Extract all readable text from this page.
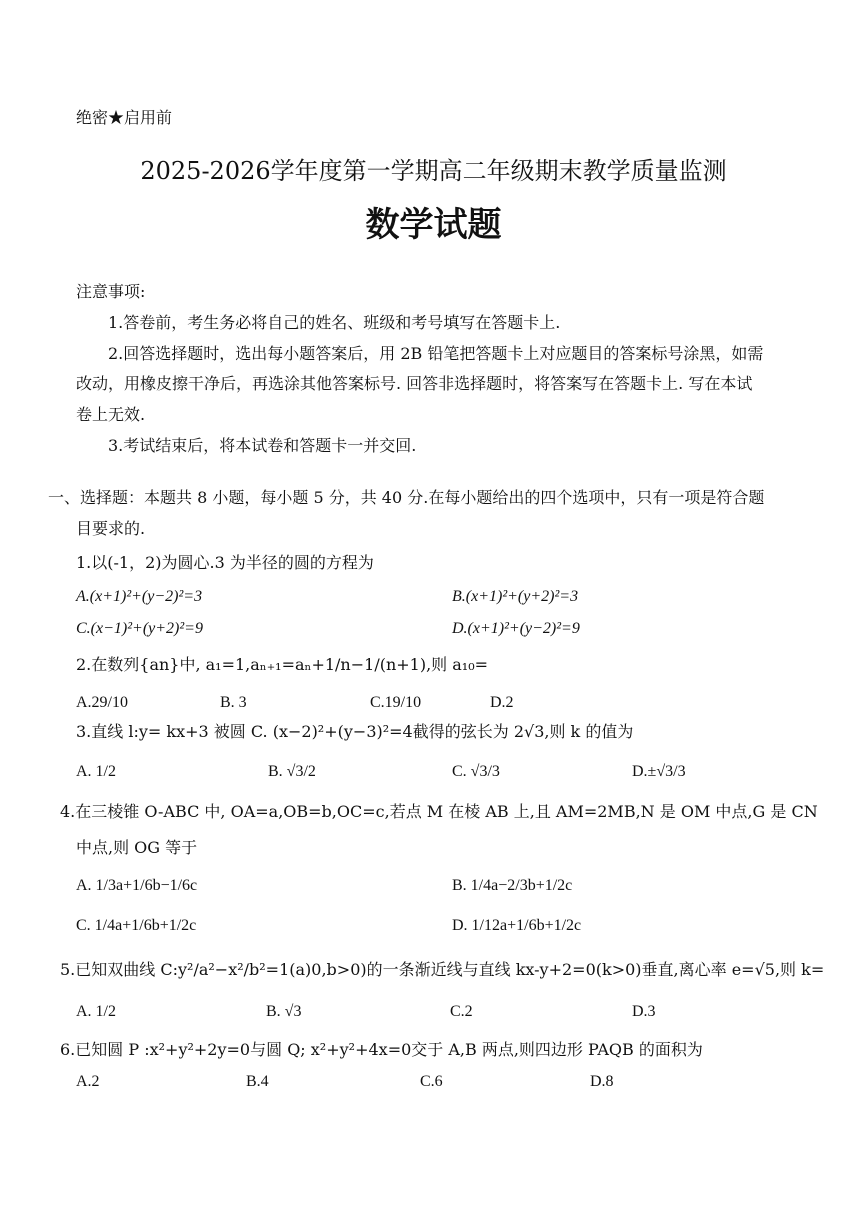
绝密★启用前
2025-2026学年度第一学期高二年级期末教学质量监测
数学试题
注意事项:
1.答卷前，考生务必将自己的姓名、班级和考号填写在答题卡上.
2.回答选择题时，选出每小题答案后，用 2B 铅笔把答题卡上对应题目的答案标号涂黑，如需
改动，用橡皮擦干净后，再选涂其他答案标号. 回答非选择题时，将答案写在答题卡上. 写在本试
卷上无效.
3.考试结束后，将本试卷和答题卡一并交回.
一、选择题：本题共 8 小题，每小题 5 分，共 40 分.在每小题给出的四个选项中，只有一项是符合题
目要求的.
1.以(-1，2)为圆心.3 为半径的圆的方程为
A.(x+1)²+(y−2)²=3	B.(x+1)²+(y+2)²=3
C.(x−1)²+(y+2)²=9	D.(x+1)²+(y−2)²=9
2.在数列{an}中, a₁=1,aₙ₊₁=aₙ+1/n−1/(n+1),则 a₁₀=
A.29/10	B. 3	C.19/10	D.2
3.直线 l:y= kx+3 被圆 C. (x−2)²+(y−3)²=4截得的弦长为 2√3,则 k 的值为
A. 1/2	B. √3/2	C. √3/3	D.±√3/3
4.在三棱锥 O-ABC 中, OA=a,OB=b,OC=c,若点 M 在棱 AB 上,且 AM=2MB,N 是 OM 中点,G 是 CN
中点,则 OG 等于
A. 1/3a+1/6b−1/6c	B. 1/4a−2/3b+1/2c
C. 1/4a+1/6b+1/2c	D. 1/12a+1/6b+1/2c
5.已知双曲线 C:y²/a²−x²/b²=1(a)0,b>0)的一条渐近线与直线 kx-y+2=0(k>0)垂直,离心率 e=√5,则 k=
A. 1/2	B. √3	C.2	D.3
6.已知圆 P :x²+y²+2y=0与圆 Q; x²+y²+4x=0交于 A,B 两点,则四边形 PAQB 的面积为
A.2	B.4	C.6	D.8
